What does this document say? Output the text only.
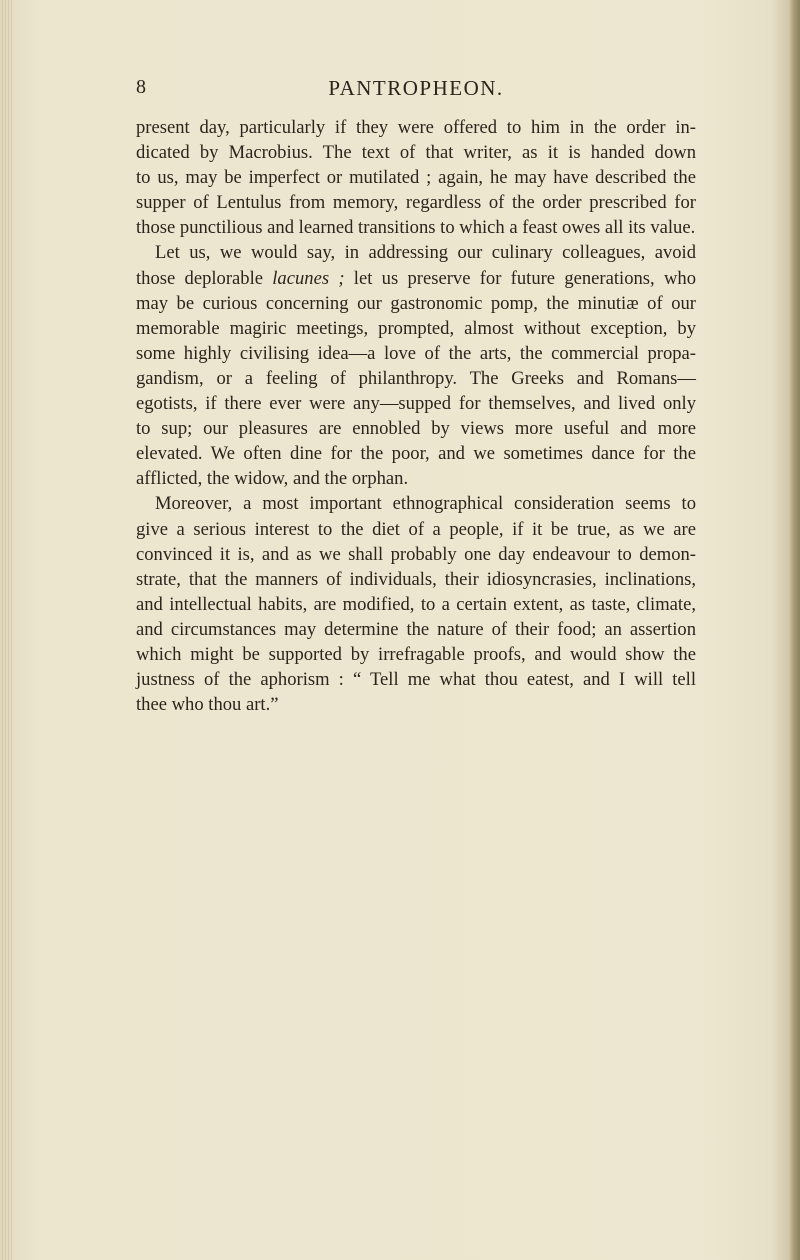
8	PANTROPHEON.
present day, particularly if they were offered to him in the order in-
dicated by Macrobius. The text of that writer, as it is handed down
to us, may be imperfect or mutilated ; again, he may have described the
supper of Lentulus from memory, regardless of the order prescribed for
those punctilious and learned transitions to which a feast owes all its value.
Let us, we would say, in addressing our culinary colleagues, avoid
those deplorable lacunes ; let us preserve for future generations, who
may be curious concerning our gastronomic pomp, the minutiæ of our
memorable magiric meetings, prompted, almost without exception, by
some highly civilising idea—a love of the arts, the commercial propa-
gandism, or a feeling of philanthropy. The Greeks and Romans—
egotists, if there ever were any—supped for themselves, and lived only
to sup; our pleasures are ennobled by views more useful and more
elevated. We often dine for the poor, and we sometimes dance for the
afflicted, the widow, and the orphan.
Moreover, a most important ethnographical consideration seems to
give a serious interest to the diet of a people, if it be true, as we are
convinced it is, and as we shall probably one day endeavour to demon-
strate, that the manners of individuals, their idiosyncrasies, inclinations,
and intellectual habits, are modified, to a certain extent, as taste, climate,
and circumstances may determine the nature of their food; an assertion
which might be supported by irrefragable proofs, and would show the
justness of the aphorism : “ Tell me what thou eatest, and I will tell
thee who thou art.”
